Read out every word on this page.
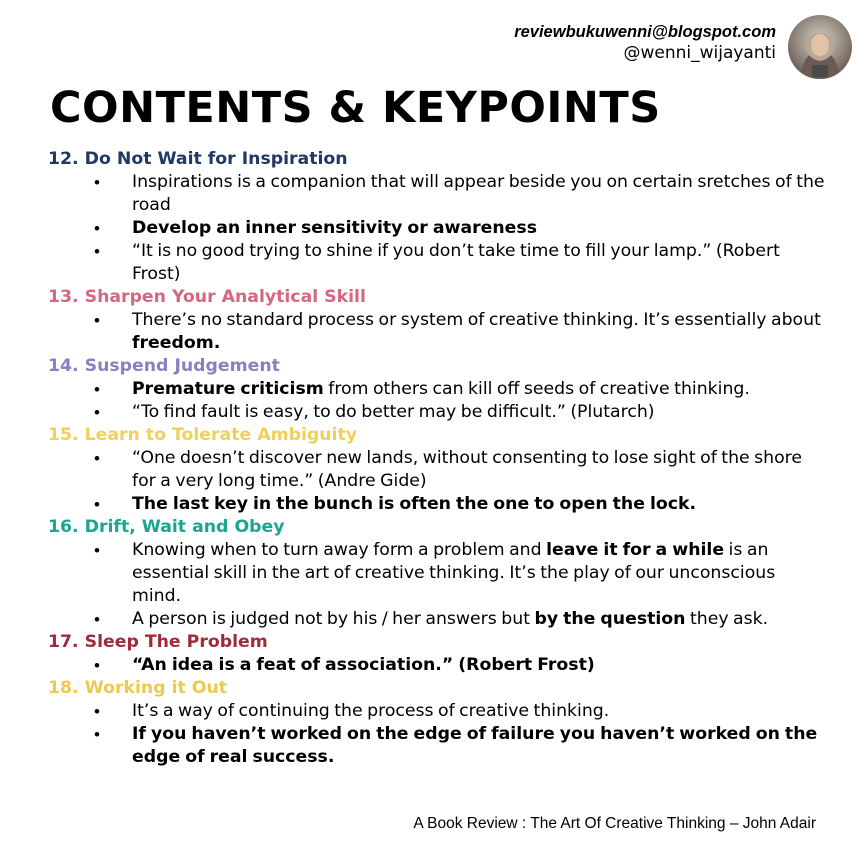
reviewbukuwenni@blogspot.com
@wenni_wijayanti
CONTENTS & KEYPOINTS
12. Do Not Wait for Inspiration
• Inspirations is a companion that will appear beside you on certain sretches of the road
• Develop an inner sensitivity or awareness
• “It is no good trying to shine if you don’t take time to fill your lamp.” (Robert Frost)
13. Sharpen Your Analytical Skill
• There’s no standard process or system of creative thinking. It’s essentially about freedom.
14. Suspend Judgement
• Premature criticism from others can kill off seeds of creative thinking.
• “To find fault is easy, to do better may be difficult.” (Plutarch)
15. Learn to Tolerate Ambiguity
• “One doesn’t discover new lands, without consenting to lose sight of the shore for a very long time.” (Andre Gide)
• The last key in the bunch is often the one to open the lock.
16. Drift, Wait and Obey
• Knowing when to turn away form a problem and leave it for a while is an essential skill in the art of creative thinking. It’s the play of our unconscious mind.
• A person is judged not by his / her answers but by the question they ask.
17. Sleep The Problem
• “An idea is a feat of association.” (Robert Frost)
18. Working it Out
• It’s a way of continuing the process of creative thinking.
• If you haven’t worked on the edge of failure you haven’t worked on the edge of real success.
A Book Review : The Art Of Creative Thinking – John Adair
